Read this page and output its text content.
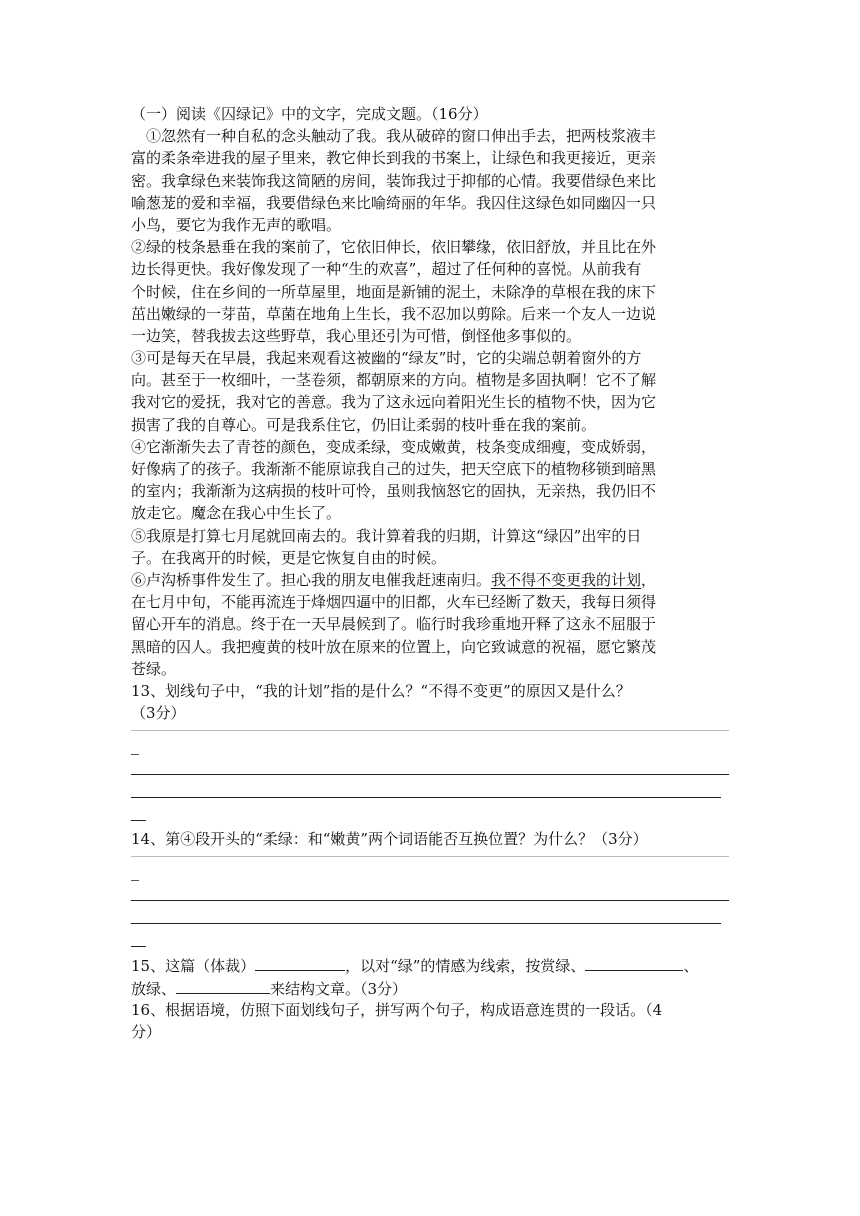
（一）阅读《囚绿记》中的文字，完成文题。（16分）
　①忽然有一种自私的念头触动了我。我从破碎的窗口伸出手去，把两枝浆液丰
富的柔条牵进我的屋子里来，教它伸长到我的书案上，让绿色和我更接近，更亲
密。我拿绿色来装饰我这简陋的房间，装饰我过于抑郁的心情。我要借绿色来比
喻葱茏的爱和幸福，我要借绿色来比喻绮丽的年华。我囚住这绿色如同幽囚一只
小鸟，要它为我作无声的歌唱。
②绿的枝条悬垂在我的案前了，它依旧伸长，依旧攀缘，依旧舒放，并且比在外
边长得更快。我好像发现了一种“生的欢喜”，超过了任何种的喜悦。从前我有
个时候，住在乡间的一所草屋里，地面是新铺的泥土，未除净的草根在我的床下
茁出嫩绿的一芽苗，草菌在地角上生长，我不忍加以剪除。后来一个友人一边说
一边笑，替我拔去这些野草，我心里还引为可惜，倒怪他多事似的。
③可是每天在早晨，我起来观看这被幽的“绿友”时，它的尖端总朝着窗外的方
向。甚至于一枚细叶，一茎卷须，都朝原来的方向。植物是多固执啊！它不了解
我对它的爱抚，我对它的善意。我为了这永远向着阳光生长的植物不快，因为它
损害了我的自尊心。可是我系住它，仍旧让柔弱的枝叶垂在我的案前。
④它渐渐失去了青苍的颜色，变成柔绿，变成嫩黄，枝条变成细瘦，变成娇弱，
好像病了的孩子。我渐渐不能原谅我自己的过失，把天空底下的植物移锁到暗黑
的室内；我渐渐为这病损的枝叶可怜，虽则我恼怒它的固执，无亲热，我仍旧不
放走它。魔念在我心中生长了。
⑤我原是打算七月尾就回南去的。我计算着我的归期，计算这“绿囚”出牢的日
子。在我离开的时候，更是它恢复自由的时候。
⑥卢沟桥事件发生了。担心我的朋友电催我赶速南归。我不得不变更我的计划，
在七月中旬，不能再流连于烽烟四逼中的旧都，火车已经断了数天，我每日须得
留心开车的消息。终于在一天早晨候到了。临行时我珍重地开释了这永不屈服于
黑暗的囚人。我把瘦黄的枝叶放在原来的位置上，向它致诚意的祝福，愿它繁茂
苍绿。
13、划线句子中，“我的计划”指的是什么？“不得不变更”的原因又是什么？
（3分）
14、第④段开头的“柔绿：和“嫩黄”两个词语能否互换位置？为什么？（3分）
15、这篇（体裁）	，以对“绿”的情感为线索，按赏绿、	、
放绿、	来结构文章。（3分）
16、根据语境，仿照下面划线句子，拼写两个句子，构成语意连贯的一段话。（4
分）
